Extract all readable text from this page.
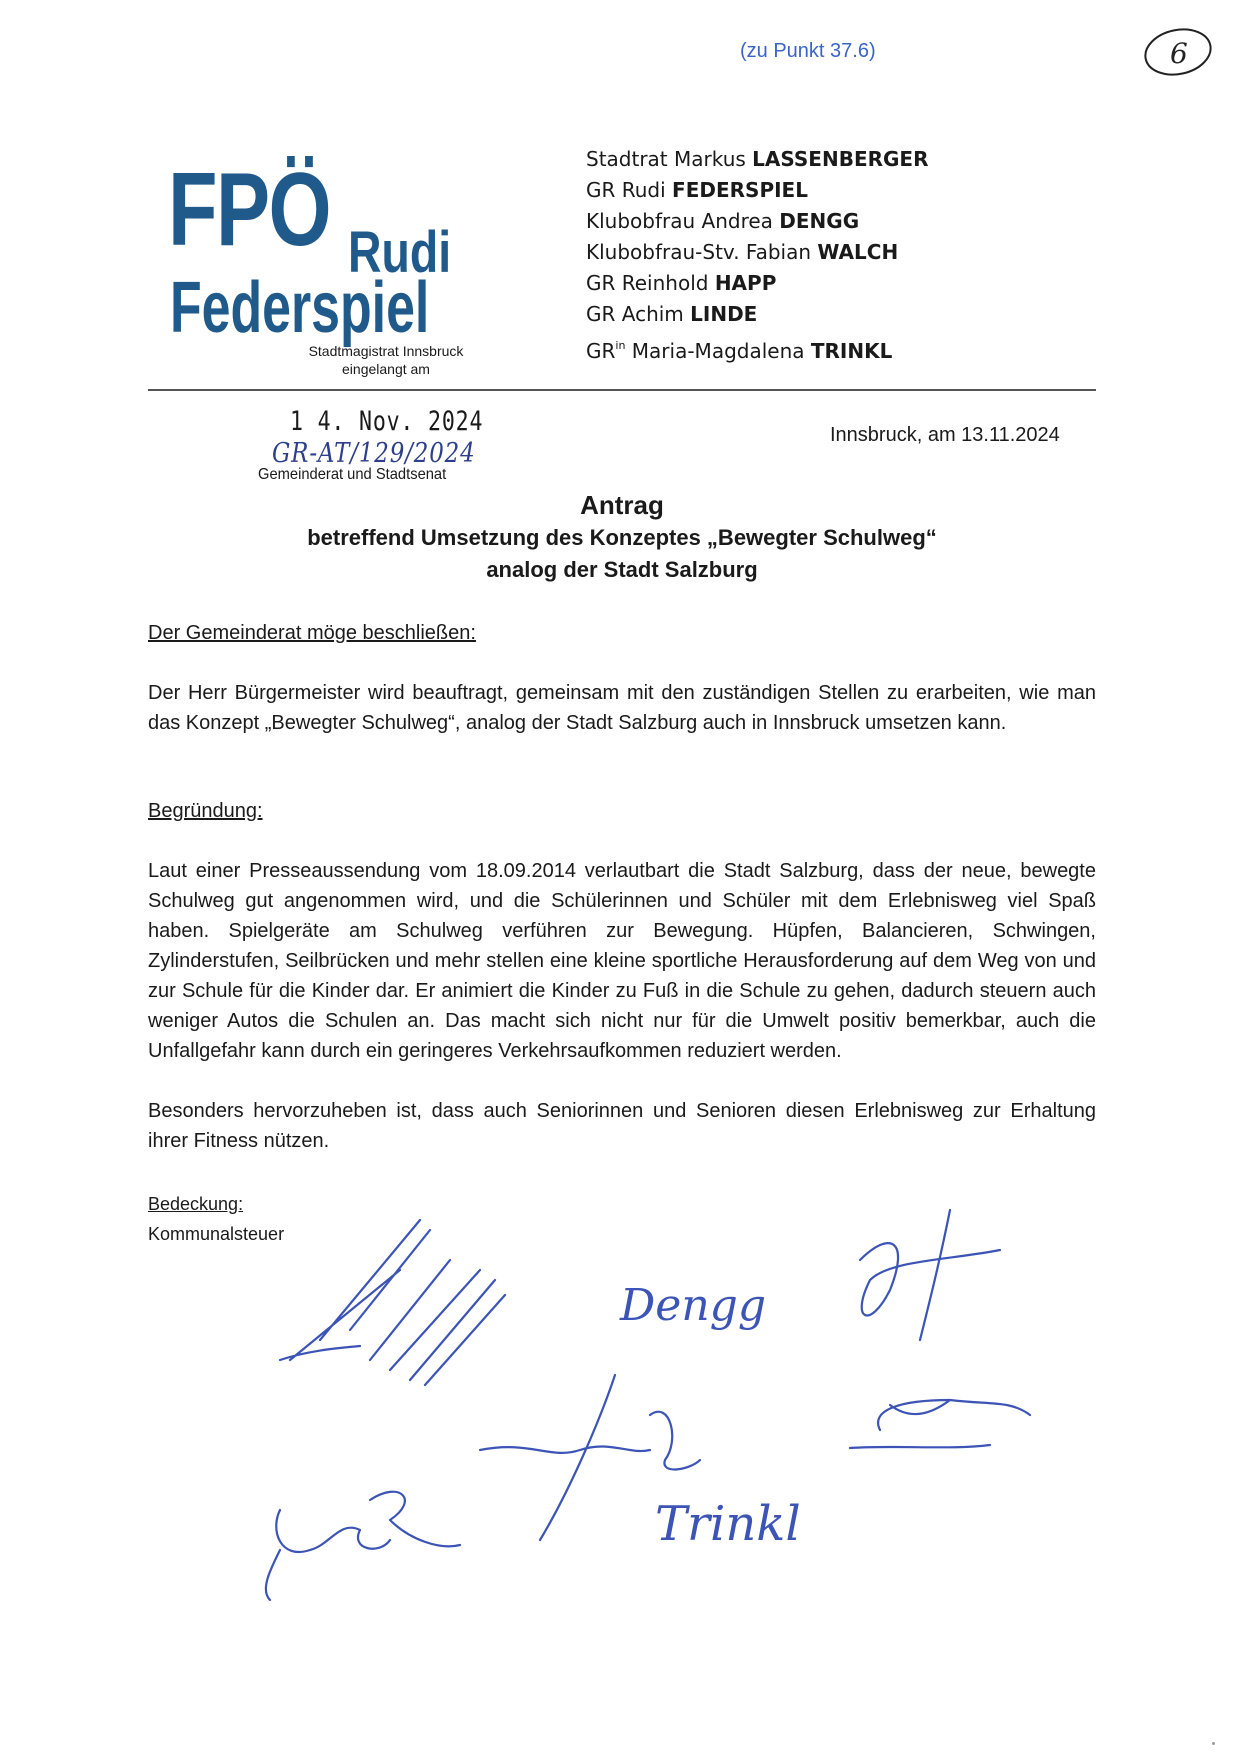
(zu Punkt 37.6)	6
FPÖ Rudi
Federspiel
Stadtmagistrat Innsbruck
eingelangt am
1 4. Nov. 2024
GR-AT/129/2024
Gemeinderat und Stadtsenat
Stadtrat Markus LASSENBERGER
GR Rudi FEDERSPIEL
Klubobfrau Andrea DENGG
Klubobfrau-Stv. Fabian WALCH
GR Reinhold HAPP
GR Achim LINDE
$GR^{in}$ Maria-Magdalena TRINKL
Innsbruck, am 13.11.2024
Antrag
betreffend Umsetzung des Konzeptes „Bewegter Schulweg“
analog der Stadt Salzburg
Der Gemeinderat möge beschließen:
Der Herr Bürgermeister wird beauftragt, gemeinsam mit den zuständigen Stellen zu erarbeiten, wie man das Konzept „Bewegter Schulweg“, analog der Stadt Salzburg auch in Innsbruck umsetzen kann.
Begründung:
Laut einer Presseaussendung vom 18.09.2014 verlautbart die Stadt Salzburg, dass der neue, bewegte Schulweg gut angenommen wird, und die Schülerinnen und Schüler mit dem Erlebnisweg viel Spaß haben. Spielgeräte am Schulweg verführen zur Bewegung. Hüpfen, Balancieren, Schwingen, Zylinderstufen, Seilbrücken und mehr stellen eine kleine sportliche Herausforderung auf dem Weg von und zur Schule für die Kinder dar. Er animiert die Kinder zu Fuß in die Schule zu gehen, dadurch steuern auch weniger Autos die Schulen an. Das macht sich nicht nur für die Umwelt positiv bemerkbar, auch die Unfallgefahr kann durch ein geringeres Verkehrsaufkommen reduziert werden.
Besonders hervorzuheben ist, dass auch Seniorinnen und Senioren diesen Erlebnisweg zur Erhaltung ihrer Fitness nützen.
Bedeckung:
Kommunalsteuer
Dengg
Trinkl
